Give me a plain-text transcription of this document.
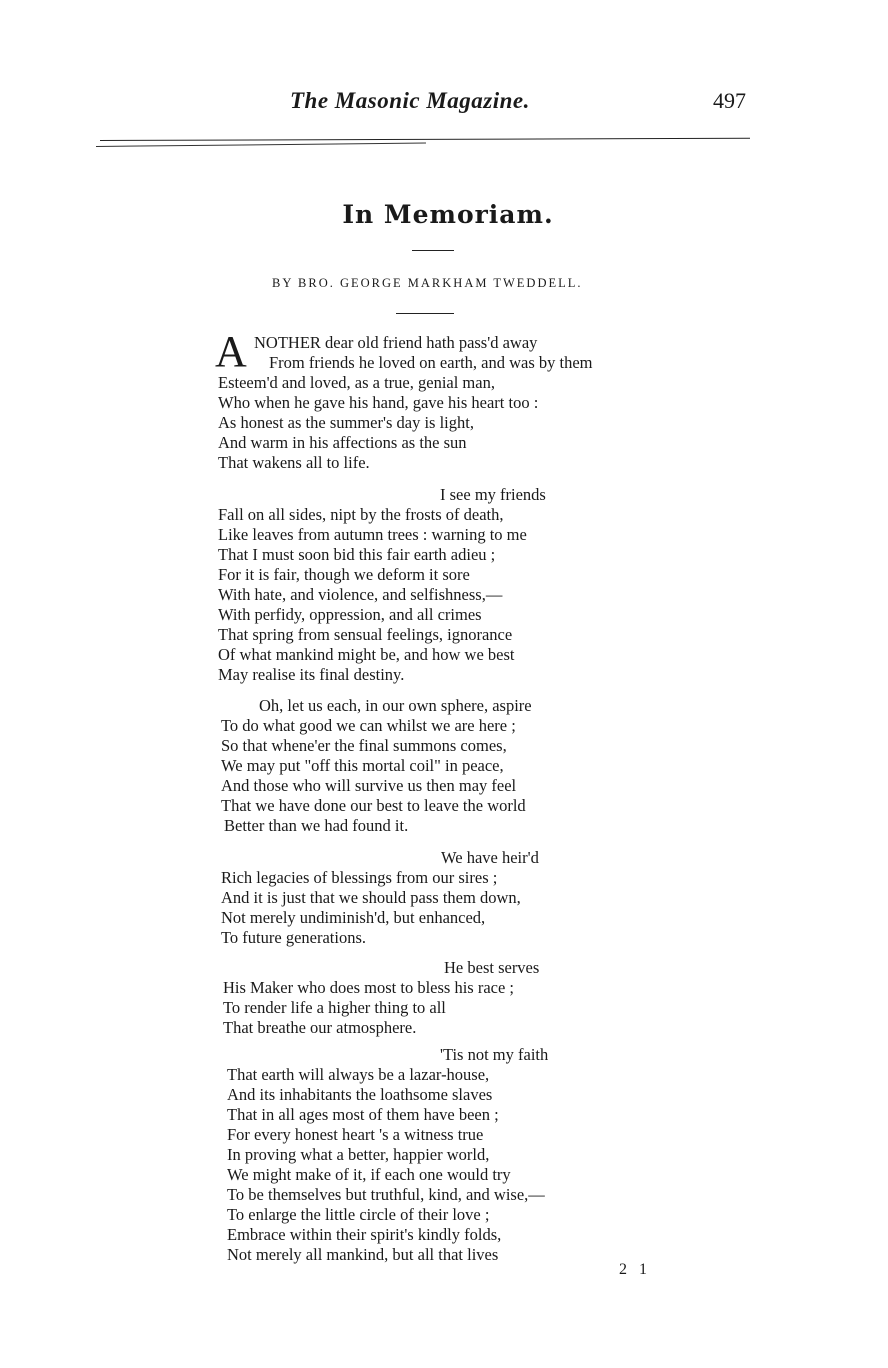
The Masonic Magazine.	497
In Memoriam.
BY BRO. GEORGE MARKHAM TWEDDELL.
A NOTHER dear old friend hath pass'd away
From friends he loved on earth, and was by them
Esteem'd and loved, as a true, genial man,
Who when he gave his hand, gave his heart too :
As honest as the summer's day is light,
And warm in his affections as the sun
That wakens all to life.
I see my friends
Fall on all sides, nipt by the frosts of death,
Like leaves from autumn trees : warning to me
That I must soon bid this fair earth adieu ;
For it is fair, though we deform it sore
With hate, and violence, and selfishness,—
With perfidy, oppression, and all crimes
That spring from sensual feelings, ignorance
Of what mankind might be, and how we best
May realise its final destiny.
Oh, let us each, in our own sphere, aspire
To do what good we can whilst we are here ;
So that whene'er the final summons comes,
We may put "off this mortal coil" in peace,
And those who will survive us then may feel
That we have done our best to leave the world
Better than we had found it.
We have heir'd
Rich legacies of blessings from our sires ;
And it is just that we should pass them down,
Not merely undiminish'd, but enhanced,
To future generations.
He best serves
His Maker who does most to bless his race ;
To render life a higher thing to all
That breathe our atmosphere.
'Tis not my faith
That earth will always be a lazar-house,
And its inhabitants the loathsome slaves
That in all ages most of them have been ;
For every honest heart 's a witness true
In proving what a better, happier world,
We might make of it, if each one would try
To be themselves but truthful, kind, and wise,—
To enlarge the little circle of their love ;
Embrace within their spirit's kindly folds,
Not merely all mankind, but all that lives
2 1
